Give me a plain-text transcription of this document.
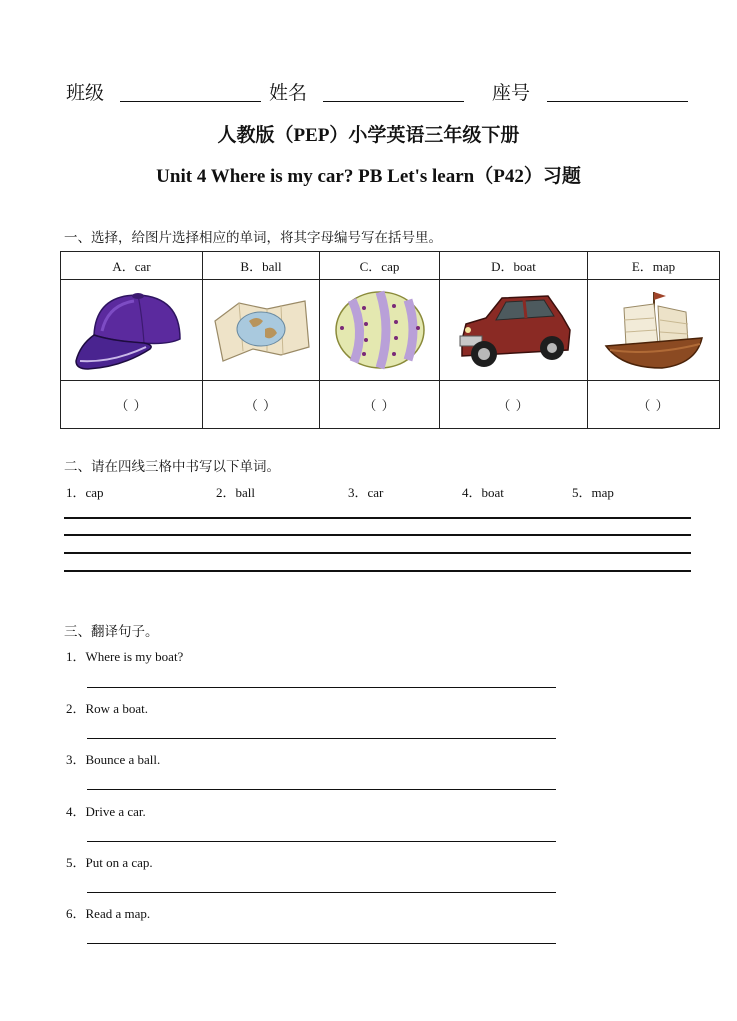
班级	姓名	座号
人教版（PEP）小学英语三年级下册
Unit 4 Where is my car? PB Let's learn（P42）习题
一、选择，给图片选择相应的单词，将其字母编号写在括号里。
A．car	B．ball	C．cap	D．boat	E．map

（ ）	（ ）	（ ）	（ ）	（ ）
二、请在四线三格中书写以下单词。
1．cap	2．ball	3．car	4．boat	5．map
三、翻译句子。
1．Where is my boat?
2．Row a boat.
3．Bounce a ball.
4．Drive a car.
5．Put on a cap.
6．Read a map.
